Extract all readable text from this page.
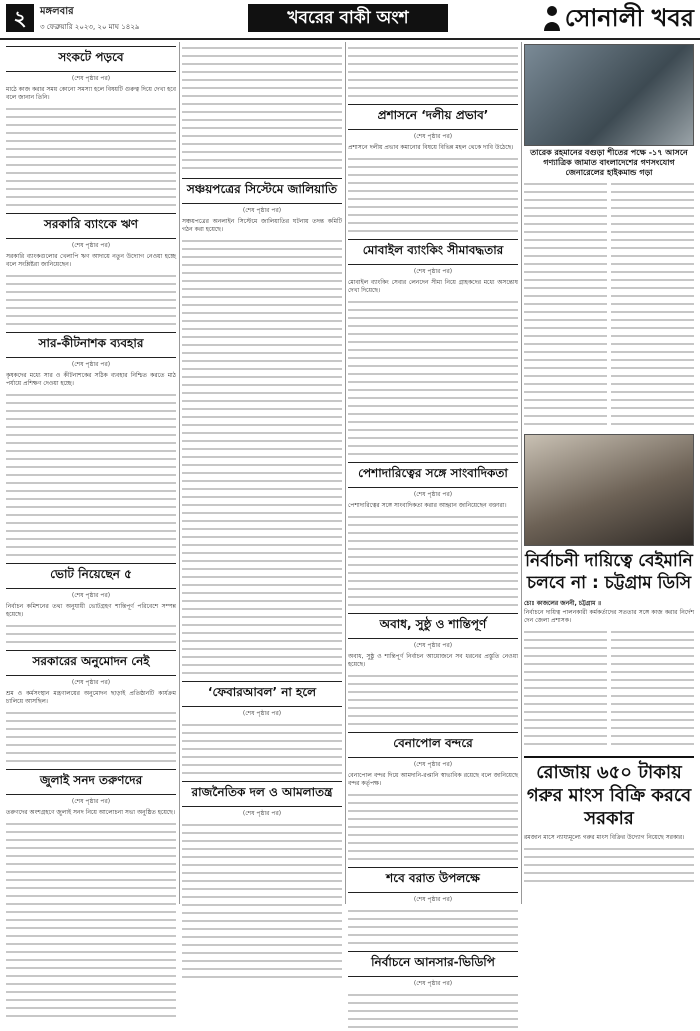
২	মঙ্গলবার
৩ ফেব্রুয়ারি ২০২৩, ২০ মাঘ ১৪২৯	খবরের বাকী অংশ	সোনালী খবর
সংকটে পড়বে
(শেষ পৃষ্ঠার পর)

মাঠে কাজ করার সময় কোনো সমস্যা হলে বিষয়টি গুরুত্ব দিয়ে দেখা হবে বলে জানান তিনি।

সরকারি ব্যাংকে ঋণ
(শেষ পৃষ্ঠার পর)

সরকারি ব্যাংকগুলোর খেলাপি ঋণ আদায়ে নতুন উদ্যোগ নেওয়া হচ্ছে বলে সংশ্লিষ্টরা জানিয়েছেন।

সার-কীটনাশক ব্যবহার
(শেষ পৃষ্ঠার পর)

কৃষকদের মধ্যে সার ও কীটনাশকের সঠিক ব্যবহার নিশ্চিত করতে মাঠ পর্যায়ে প্রশিক্ষণ দেওয়া হচ্ছে।

ভোট নিয়েছেন ৫
(শেষ পৃষ্ঠার পর)

নির্বাচন কমিশনের তথ্য অনুযায়ী ভোটগ্রহণ শান্তিপূর্ণ পরিবেশে সম্পন্ন হয়েছে।

সরকারের অনুমোদন নেই
(শেষ পৃষ্ঠার পর)

শ্রম ও কর্মসংস্থান মন্ত্রণালয়ের অনুমোদন ছাড়াই প্রতিষ্ঠানটি কার্যক্রম চালিয়ে আসছিল।

জুলাই সনদ তরুণদের
(শেষ পৃষ্ঠার পর)

তরুণদের অংশগ্রহণে জুলাই সনদ নিয়ে আলোচনা সভা অনুষ্ঠিত হয়েছে।

সঞ্চয়পত্রের সিস্টেমে জালিয়াতি
(শেষ পৃষ্ঠার পর)

সঞ্চয়পত্রের অনলাইন সিস্টেমে জালিয়াতির ঘটনায় তদন্ত কমিটি গঠন করা হয়েছে।

‘ফেবারআবল’ না হলে
(শেষ পৃষ্ঠার পর)
রাজনৈতিক দল ও আমলাতন্ত্র
(শেষ পৃষ্ঠার পর)
প্রশাসনে ‘দলীয় প্রভাব’
(শেষ পৃষ্ঠার পর)

প্রশাসনে দলীয় প্রভাব কমানোর বিষয়ে বিভিন্ন মহল থেকে দাবি উঠেছে।

মোবাইল ব্যাংকিং সীমাবদ্ধতার
(শেষ পৃষ্ঠার পর)

মোবাইল ব্যাংকিং সেবার লেনদেন সীমা নিয়ে গ্রাহকদের মধ্যে অসন্তোষ দেখা দিয়েছে।

পেশাদারিত্বের সঙ্গে সাংবাদিকতা
(শেষ পৃষ্ঠার পর)

পেশাদারিত্বের সঙ্গে সাংবাদিকতা করার আহ্বান জানিয়েছেন বক্তারা।

অবাধ, সুষ্ঠু ও শান্তিপূর্ণ
(শেষ পৃষ্ঠার পর)

অবাধ, সুষ্ঠু ও শান্তিপূর্ণ নির্বাচন আয়োজনে সব ধরনের প্রস্তুতি নেওয়া হয়েছে।

বেনাপোল বন্দরে
(শেষ পৃষ্ঠার পর)

বেনাপোল বন্দর দিয়ে আমদানি-রপ্তানি স্বাভাবিক রয়েছে বলে জানিয়েছে বন্দর কর্তৃপক্ষ।

শবে বরাত উপলক্ষে
(শেষ পৃষ্ঠার পর)
নির্বাচনে আনসার-ভিডিপি
(শেষ পৃষ্ঠার পর)
তারেক রহমানের বগুড়া শীতের পক্ষে -১৭ আসনে গণ্যাত্রিক জামাত বাংলাদেশের গণসংযোগ জেনারেলের হাইকমান্ড গড়া
নির্বাচনী দায়িত্বে বেইমানি চলবে না : চট্টগ্রাম ডিসি
চোঃ কাজলের জননী, চট্টগ্রাম ॥

নির্বাচনে দায়িত্ব পালনকারী কর্মকর্তাদের সততার সঙ্গে কাজ করার নির্দেশ দেন জেলা প্রশাসক।

রোজায় ৬৫০ টাকায় গরুর মাংস বিক্রি করবে সরকার

রমজান মাসে ন্যায্যমূল্যে গরুর মাংস বিক্রির উদ্যোগ নিয়েছে সরকার।
